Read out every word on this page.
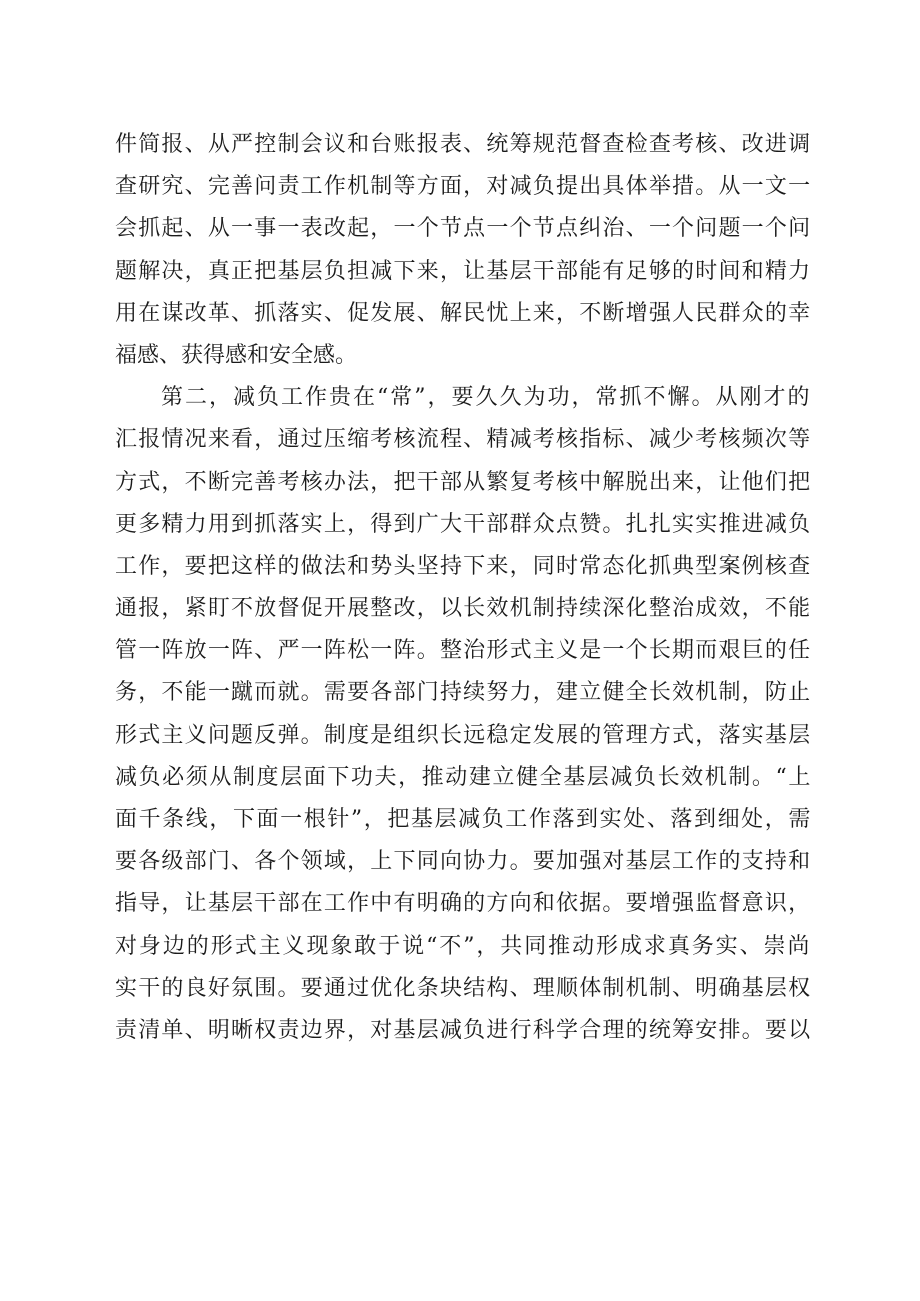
件简报、从严控制会议和台账报表、统筹规范督查检查考核、改进调
查研究、完善问责工作机制等方面，对减负提出具体举措。从一文一
会抓起、从一事一表改起，一个节点一个节点纠治、一个问题一个问
题解决，真正把基层负担减下来，让基层干部能有足够的时间和精力
用在谋改革、抓落实、促发展、解民忧上来，不断增强人民群众的幸
福感、获得感和安全感。
第二，减负工作贵在“常”，要久久为功，常抓不懈。从刚才的
汇报情况来看，通过压缩考核流程、精减考核指标、减少考核频次等
方式，不断完善考核办法，把干部从繁复考核中解脱出来，让他们把
更多精力用到抓落实上，得到广大干部群众点赞。扎扎实实推进减负
工作，要把这样的做法和势头坚持下来，同时常态化抓典型案例核查
通报，紧盯不放督促开展整改，以长效机制持续深化整治成效，不能
管一阵放一阵、严一阵松一阵。整治形式主义是一个长期而艰巨的任
务，不能一蹴而就。需要各部门持续努力，建立健全长效机制，防止
形式主义问题反弹。制度是组织长远稳定发展的管理方式，落实基层
减负必须从制度层面下功夫，推动建立健全基层减负长效机制。“上
面千条线，下面一根针”，把基层减负工作落到实处、落到细处，需
要各级部门、各个领域，上下同向协力。要加强对基层工作的支持和
指导，让基层干部在工作中有明确的方向和依据。要增强监督意识，
对身边的形式主义现象敢于说“不”，共同推动形成求真务实、崇尚
实干的良好氛围。要通过优化条块结构、理顺体制机制、明确基层权
责清单、明晰权责边界，对基层减负进行科学合理的统筹安排。要以
